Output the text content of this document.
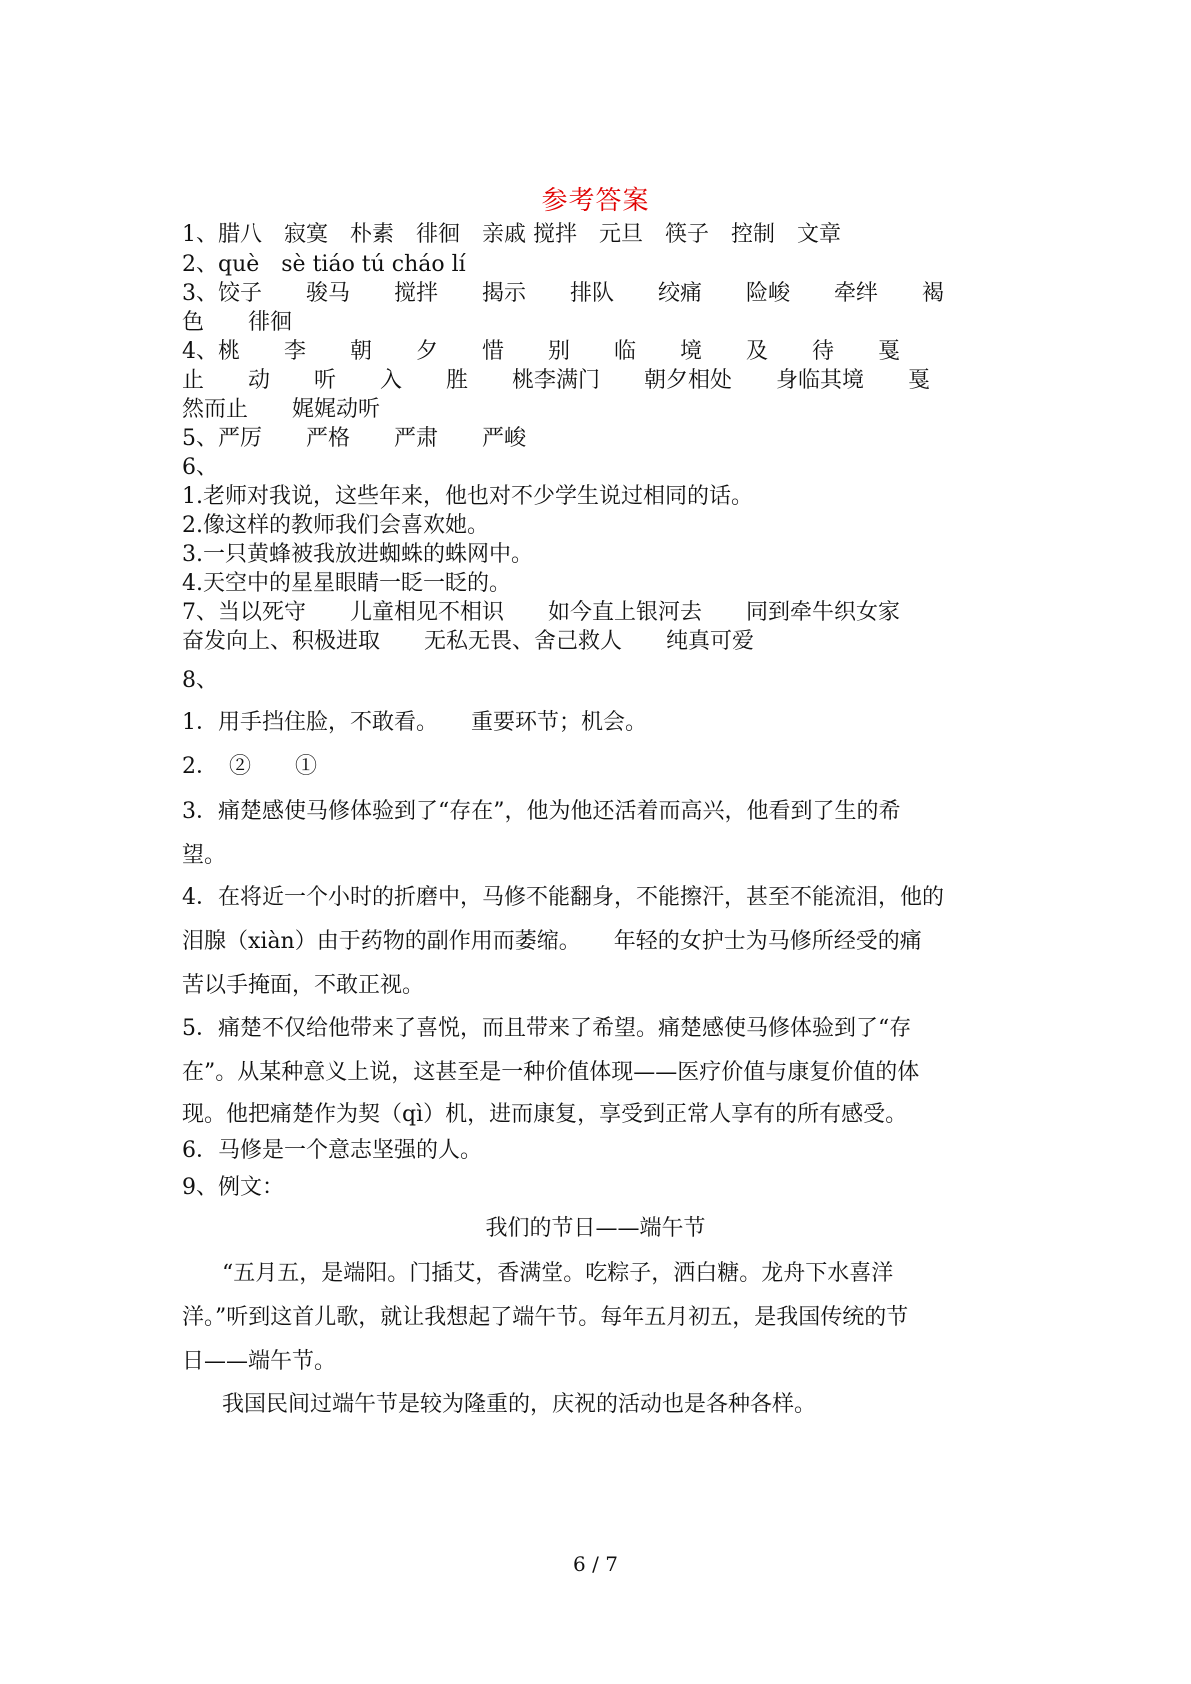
参考答案
1、腊八　寂寞　朴素　徘徊　亲戚 搅拌　元旦　筷子　控制　文章
2、què　sè tiáo tú cháo lí
3、饺子　　骏马　　搅拌　　揭示　　排队　　绞痛　　险峻　　牵绊　　褐
色　　徘徊
4、桃　　李　　朝　　夕　　惜　　别　　临　　境　　及　　待　　戛
止　　动　　听　　入　　胜　　桃李满门　　朝夕相处　　身临其境　　戛
然而止　　娓娓动听
5、严厉　　严格　　严肃　　严峻
6、
1.老师对我说，这些年来，他也对不少学生说过相同的话。
2.像这样的教师我们会喜欢她。
3.一只黄蜂被我放进蜘蛛的蛛网中。
4.天空中的星星眼睛一眨一眨的。
7、当以死守　　儿童相见不相识　　如今直上银河去　　同到牵牛织女家
奋发向上、积极进取　　无私无畏、舍己救人　　纯真可爱
8、
1．用手挡住脸，不敢看。　　重要环节；机会。
2．　②　　①
3．痛楚感使马修体验到了“存在”，他为他还活着而高兴，他看到了生的希
望。
4．在将近一个小时的折磨中，马修不能翻身，不能擦汗，甚至不能流泪，他的
泪腺（xiàn）由于药物的副作用而萎缩。　　年轻的女护士为马修所经受的痛
苦以手掩面，不敢正视。
5．痛楚不仅给他带来了喜悦，而且带来了希望。痛楚感使马修体验到了“存
在”。从某种意义上说，这甚至是一种价值体现——医疗价值与康复价值的体
现。他把痛楚作为契（qì）机，进而康复，享受到正常人享有的所有感受。
6．马修是一个意志坚强的人。
9、例文：
我们的节日——端午节
“五月五，是端阳。门插艾，香满堂。吃粽子，洒白糖。龙舟下水喜洋
洋。”听到这首儿歌，就让我想起了端午节。每年五月初五，是我国传统的节
日——端午节。
我国民间过端午节是较为隆重的，庆祝的活动也是各种各样。
6 / 7
